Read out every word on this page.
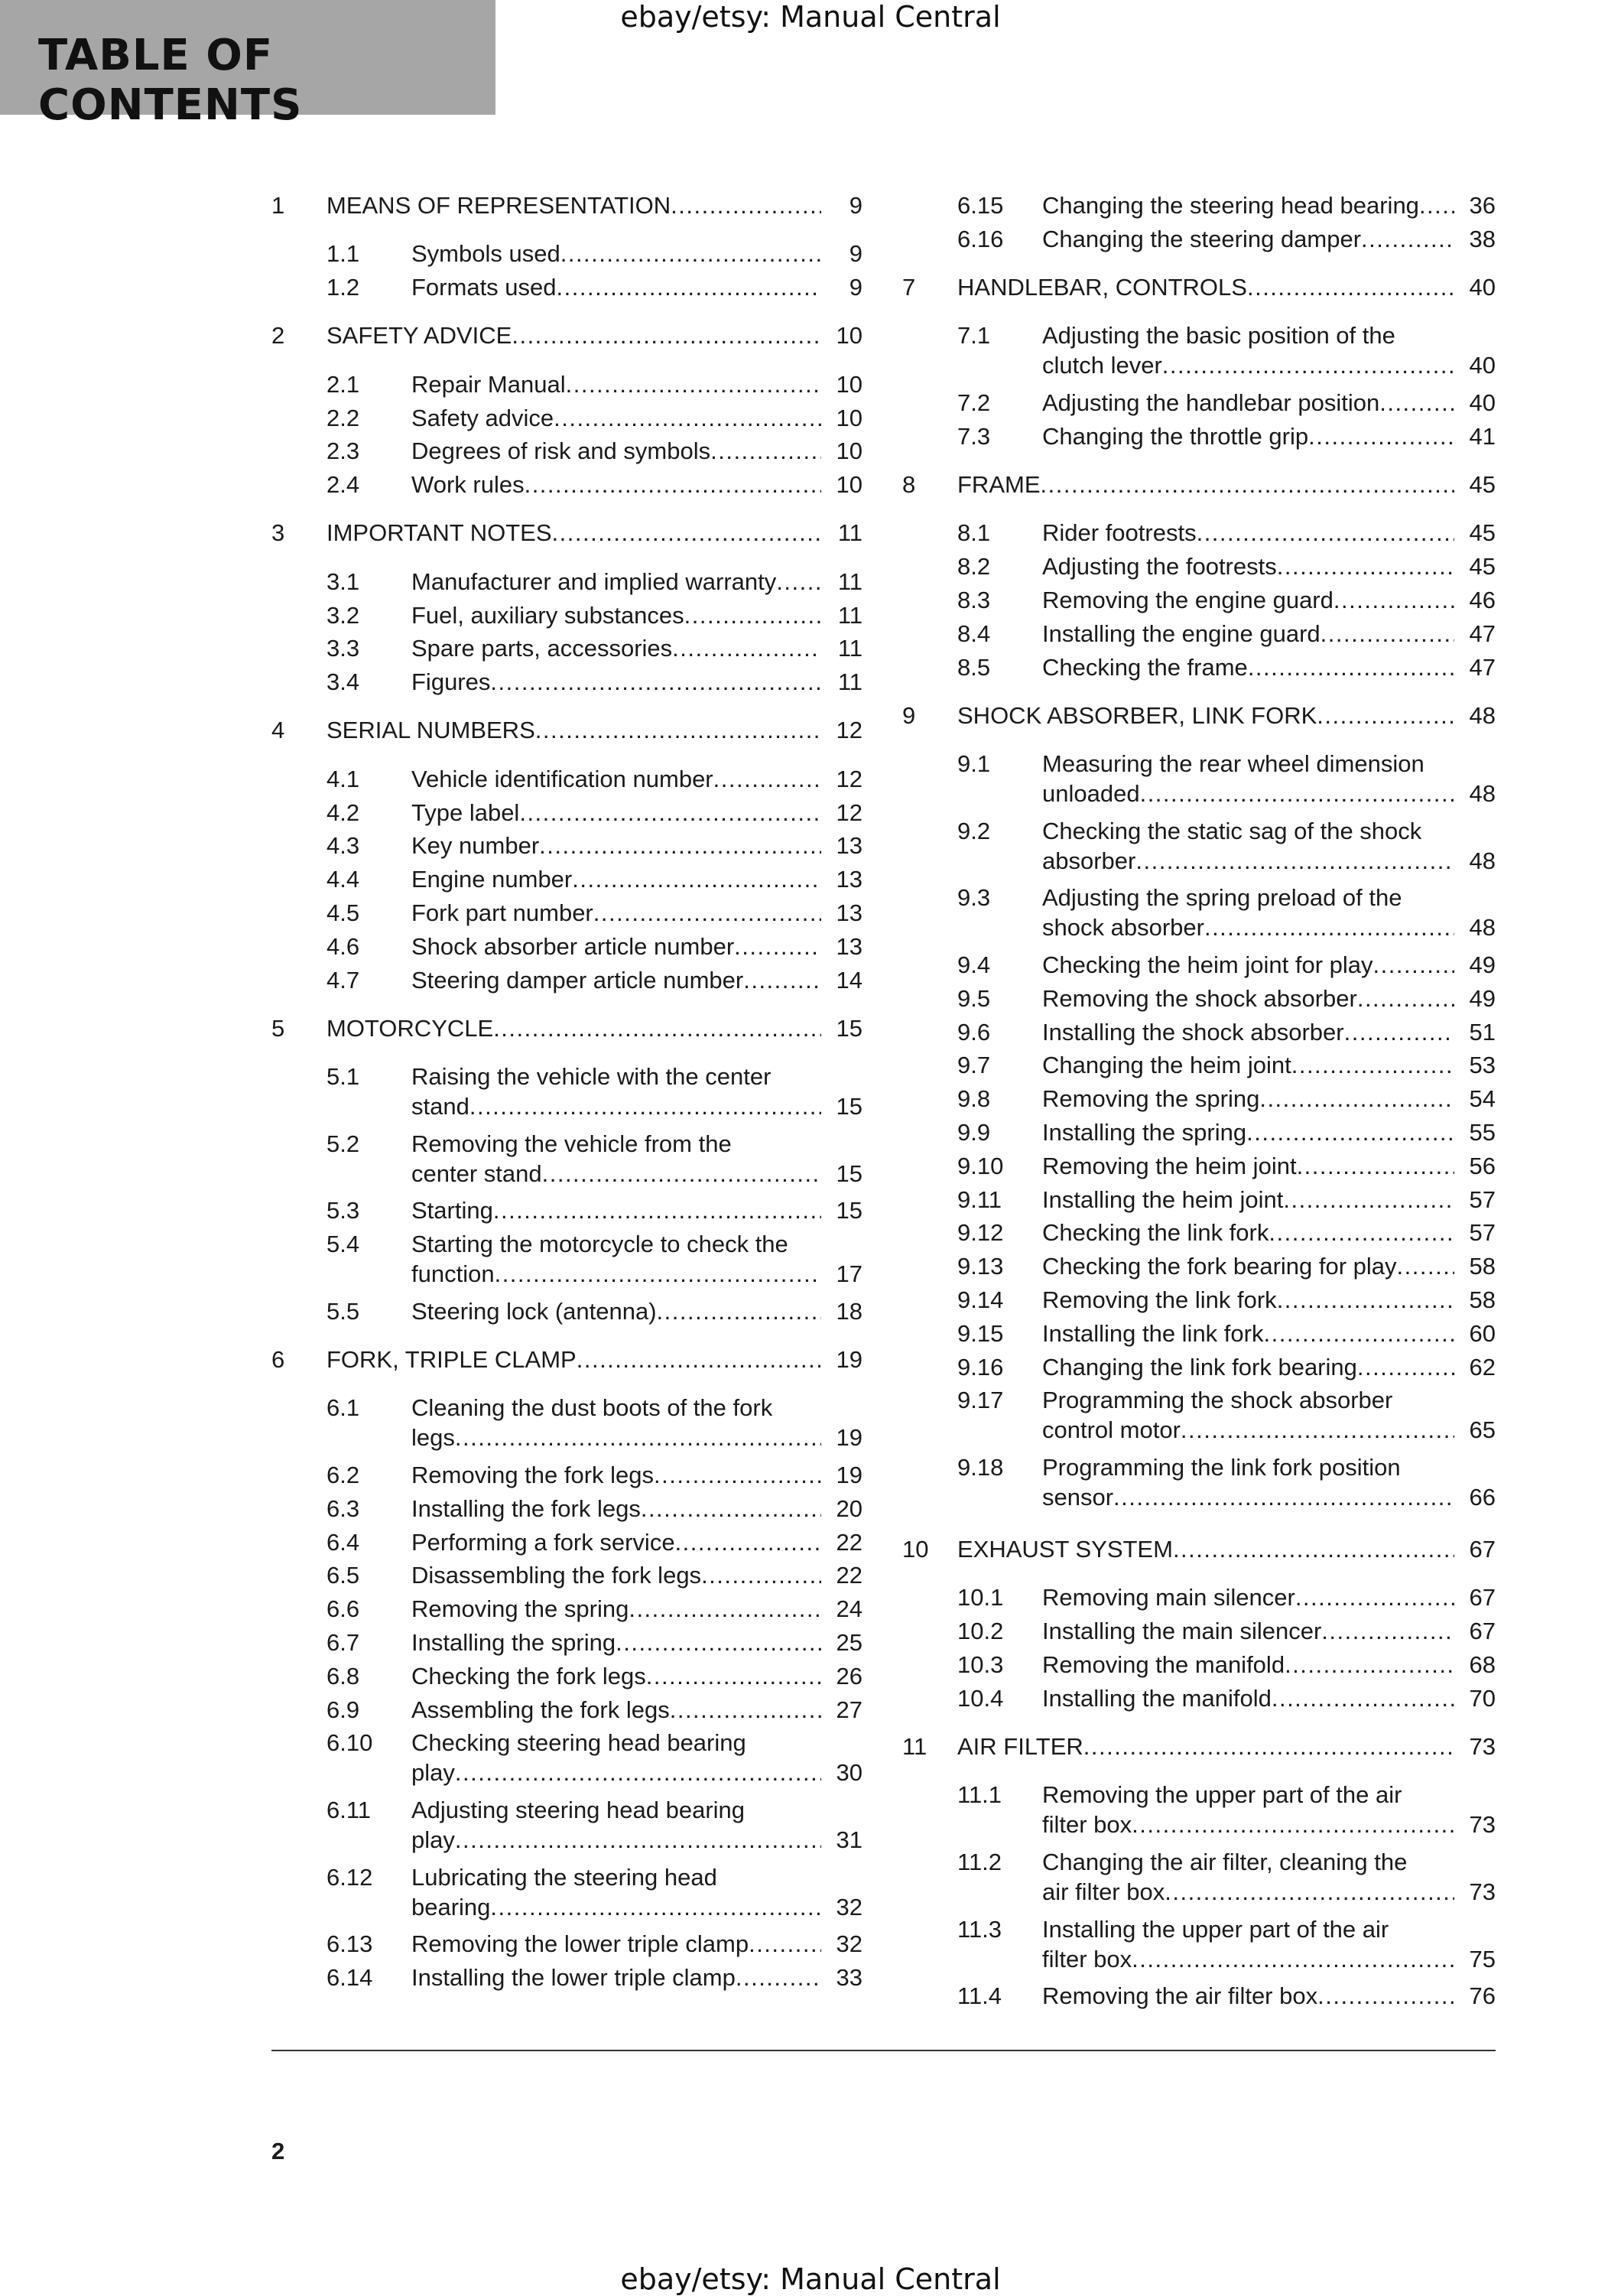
ebay/etsy: Manual Central
TABLE OF CONTENTS
1 MEANS OF REPRESENTATION .....	9
1.1 Symbols used .....	9
1.2 Formats used .....	9
2 SAFETY ADVICE .....	10
2.1 Repair Manual .....	10
2.2 Safety advice .....	10
2.3 Degrees of risk and symbols .....	10
2.4 Work rules .....	10
3 IMPORTANT NOTES .....	11
3.1 Manufacturer and implied warranty .....	11
3.2 Fuel, auxiliary substances .....	11
3.3 Spare parts, accessories .....	11
3.4 Figures .....	11
4 SERIAL NUMBERS .....	12
4.1 Vehicle identification number .....	12
4.2 Type label .....	12
4.3 Key number .....	13
4.4 Engine number .....	13
4.5 Fork part number .....	13
4.6 Shock absorber article number .....	13
4.7 Steering damper article number .....	14
5 MOTORCYCLE .....	15
5.1 Raising the vehicle with the center
stand .....	15
5.2 Removing the vehicle from the
center stand .....	15
5.3 Starting .....	15
5.4 Starting the motorcycle to check the
function .....	17
5.5 Steering lock (antenna) .....	18
6 FORK, TRIPLE CLAMP .....	19
6.1 Cleaning the dust boots of the fork
legs .....	19
6.2 Removing the fork legs .....	19
6.3 Installing the fork legs .....	20
6.4 Performing a fork service .....	22
6.5 Disassembling the fork legs .....	22
6.6 Removing the spring .....	24
6.7 Installing the spring .....	25
6.8 Checking the fork legs .....	26
6.9 Assembling the fork legs .....	27
6.10 Checking steering head bearing
play .....	30
6.11 Adjusting steering head bearing
play .....	31
6.12 Lubricating the steering head
bearing .....	32
6.13 Removing the lower triple clamp .....	32
6.14 Installing the lower triple clamp .....	33
6.15 Changing the steering head bearing .....	36
6.16 Changing the steering damper .....	38
7 HANDLEBAR, CONTROLS .....	40
7.1 Adjusting the basic position of the
clutch lever .....	40
7.2 Adjusting the handlebar position .....	40
7.3 Changing the throttle grip .....	41
8 FRAME .....	45
8.1 Rider footrests .....	45
8.2 Adjusting the footrests .....	45
8.3 Removing the engine guard .....	46
8.4 Installing the engine guard .....	47
8.5 Checking the frame .....	47
9 SHOCK ABSORBER, LINK FORK .....	48
9.1 Measuring the rear wheel dimension
unloaded .....	48
9.2 Checking the static sag of the shock
absorber .....	48
9.3 Adjusting the spring preload of the
shock absorber .....	48
9.4 Checking the heim joint for play .....	49
9.5 Removing the shock absorber .....	49
9.6 Installing the shock absorber .....	51
9.7 Changing the heim joint .....	53
9.8 Removing the spring .....	54
9.9 Installing the spring .....	55
9.10 Removing the heim joint .....	56
9.11 Installing the heim joint .....	57
9.12 Checking the link fork .....	57
9.13 Checking the fork bearing for play .....	58
9.14 Removing the link fork .....	58
9.15 Installing the link fork .....	60
9.16 Changing the link fork bearing .....	62
9.17 Programming the shock absorber
control motor .....	65
9.18 Programming the link fork position
sensor .....	66
10 EXHAUST SYSTEM .....	67
10.1 Removing main silencer .....	67
10.2 Installing the main silencer .....	67
10.3 Removing the manifold .....	68
10.4 Installing the manifold .....	70
11 AIR FILTER .....	73
11.1 Removing the upper part of the air
filter box .....	73
11.2 Changing the air filter, cleaning the
air filter box .....	73
11.3 Installing the upper part of the air
filter box .....	75
11.4 Removing the air filter box .....	76
2
ebay/etsy: Manual Central
